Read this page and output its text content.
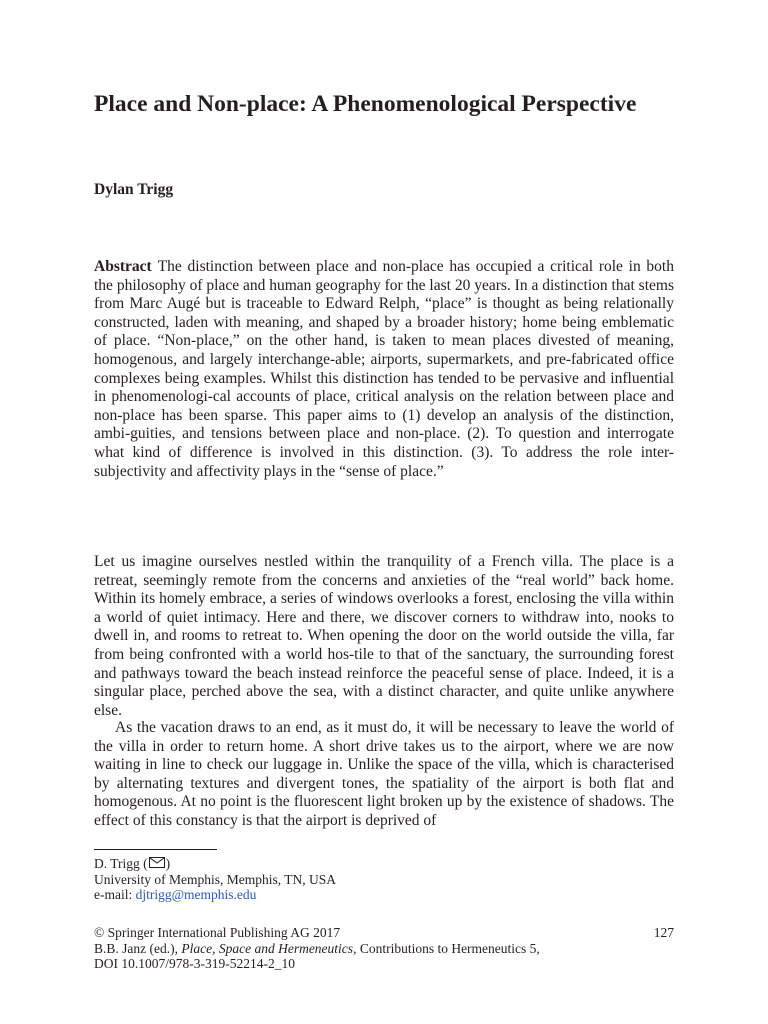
Place and Non-place: A Phenomenological Perspective

Dylan Trigg

Abstract The distinction between place and non-place has occupied a critical role in both the philosophy of place and human geography for the last 20 years. In a distinction that stems from Marc Augé but is traceable to Edward Relph, “place” is thought as being relationally constructed, laden with meaning, and shaped by a broader history; home being emblematic of place. “Non-place,” on the other hand, is taken to mean places divested of meaning, homogenous, and largely interchange-able; airports, supermarkets, and pre-fabricated office complexes being examples. Whilst this distinction has tended to be pervasive and influential in phenomenologi-cal accounts of place, critical analysis on the relation between place and non-place has been sparse. This paper aims to (1) develop an analysis of the distinction, ambi-guities, and tensions between place and non-place. (2). To question and interrogate what kind of difference is involved in this distinction. (3). To address the role inter-subjectivity and affectivity plays in the “sense of place.”

Let us imagine ourselves nestled within the tranquility of a French villa. The place is a retreat, seemingly remote from the concerns and anxieties of the “real world” back home. Within its homely embrace, a series of windows overlooks a forest, enclosing the villa within a world of quiet intimacy. Here and there, we discover corners to withdraw into, nooks to dwell in, and rooms to retreat to. When opening the door on the world outside the villa, far from being confronted with a world hos-tile to that of the sanctuary, the surrounding forest and pathways toward the beach instead reinforce the peaceful sense of place. Indeed, it is a singular place, perched above the sea, with a distinct character, and quite unlike anywhere else.

As the vacation draws to an end, as it must do, it will be necessary to leave the world of the villa in order to return home. A short drive takes us to the airport, where we are now waiting in line to check our luggage in. Unlike the space of the villa, which is characterised by alternating textures and divergent tones, the spatiality of the airport is both flat and homogenous. At no point is the fluorescent light broken up by the existence of shadows. The effect of this constancy is that the airport is deprived of

D. Trigg ( )
University of Memphis, Memphis, TN, USA
e-mail: djtrigg@memphis.edu
© Springer International Publishing AG 2017
B.B. Janz (ed.), Place, Space and Hermeneutics, Contributions to Hermeneutics 5,
DOI 10.1007/978-3-319-52214-2_10
127
